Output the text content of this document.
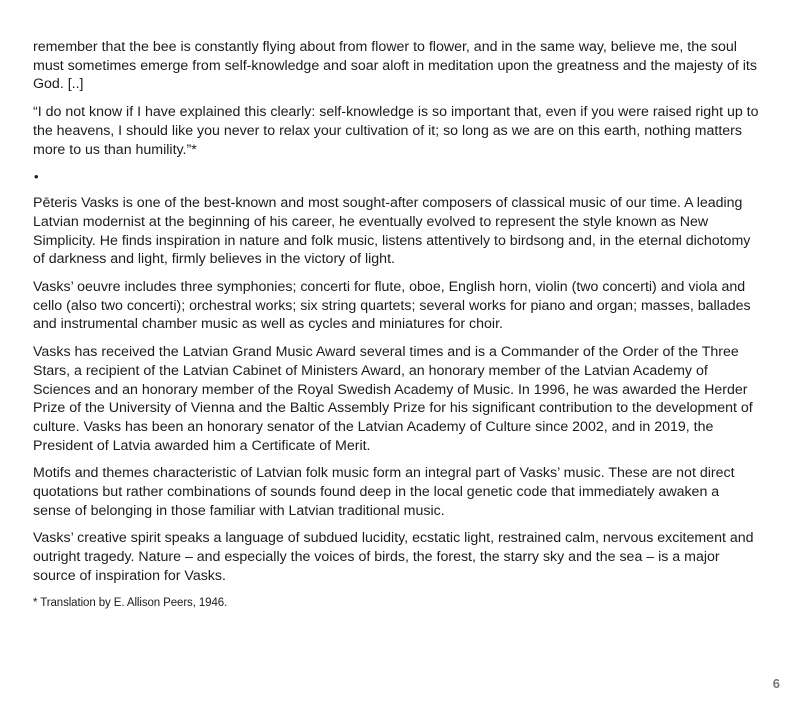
remember that the bee is constantly flying about from flower to flower, and in the same way, believe me, the soul must sometimes emerge from self-knowledge and soar aloft in meditation upon the greatness and the majesty of its God. [..]

“I do not know if I have explained this clearly: self-knowledge is so important that, even if you were raised right up to the heavens, I should like you never to relax your cultivation of it; so long as we are on this earth, nothing matters more to us than humility.”*

•

Pēteris Vasks is one of the best-known and most sought-after composers of classical music of our time. A leading Latvian modernist at the beginning of his career, he eventually evolved to represent the style known as New Simplicity. He finds inspiration in nature and folk music, listens attentively to birdsong and, in the eternal dichotomy of darkness and light, firmly believes in the victory of light.

Vasks’ oeuvre includes three symphonies; concerti for flute, oboe, English horn, violin (two concerti) and viola and cello (also two concerti); orchestral works; six string quartets; several works for piano and organ; masses, ballades and instrumental chamber music as well as cycles and miniatures for choir.

Vasks has received the Latvian Grand Music Award several times and is a Commander of the Order of the Three Stars, a recipient of the Latvian Cabinet of Ministers Award, an honorary member of the Latvian Academy of Sciences and an honorary member of the Royal Swedish Academy of Music. In 1996, he was awarded the Herder Prize of the University of Vienna and the Baltic Assembly Prize for his significant contribution to the development of culture. Vasks has been an honorary senator of the Latvian Academy of Culture since 2002, and in 2019, the President of Latvia awarded him a Certificate of Merit.

Motifs and themes characteristic of Latvian folk music form an integral part of Vasks’ music. These are not direct quotations but rather combinations of sounds found deep in the local genetic code that immediately awaken a sense of belonging in those familiar with Latvian traditional music.

Vasks’ creative spirit speaks a language of subdued lucidity, ecstatic light, restrained calm, nervous excitement and outright tragedy. Nature – and especially the voices of birds, the forest, the starry sky and the sea – is a major source of inspiration for Vasks.

* Translation by E. Allison Peers, 1946.

6
